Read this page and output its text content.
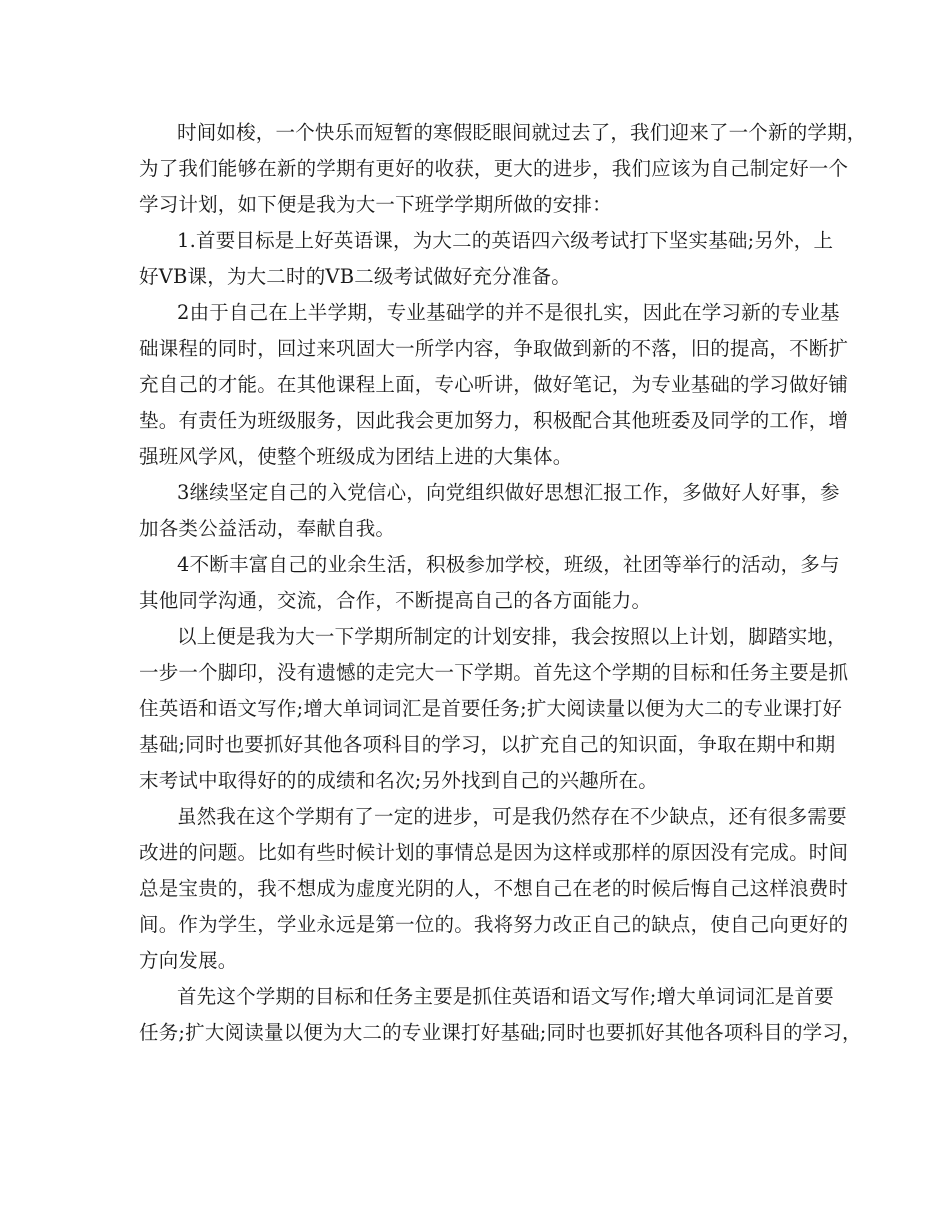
时间如梭，一个快乐而短暂的寒假眨眼间就过去了，我们迎来了一个新的学期，
为了我们能够在新的学期有更好的收获，更大的进步，我们应该为自己制定好一个
学习计划，如下便是我为大一下班学学期所做的安排：
1.首要目标是上好英语课，为大二的英语四六级考试打下坚实基础;另外，上
好VB课，为大二时的VB二级考试做好充分准备。
2由于自己在上半学期，专业基础学的并不是很扎实，因此在学习新的专业基
础课程的同时，回过来巩固大一所学内容，争取做到新的不落，旧的提高，不断扩
充自己的才能。在其他课程上面，专心听讲，做好笔记，为专业基础的学习做好铺
垫。有责任为班级服务，因此我会更加努力，积极配合其他班委及同学的工作，增
强班风学风，使整个班级成为团结上进的大集体。
3继续坚定自己的入党信心，向党组织做好思想汇报工作，多做好人好事，参
加各类公益活动，奉献自我。
4不断丰富自己的业余生活，积极参加学校，班级，社团等举行的活动，多与
其他同学沟通，交流，合作，不断提高自己的各方面能力。
以上便是我为大一下学期所制定的计划安排，我会按照以上计划，脚踏实地，
一步一个脚印，没有遗憾的走完大一下学期。首先这个学期的目标和任务主要是抓
住英语和语文写作;增大单词词汇是首要任务;扩大阅读量以便为大二的专业课打好
基础;同时也要抓好其他各项科目的学习，以扩充自己的知识面，争取在期中和期
末考试中取得好的的成绩和名次;另外找到自己的兴趣所在。
虽然我在这个学期有了一定的进步，可是我仍然存在不少缺点，还有很多需要
改进的问题。比如有些时候计划的事情总是因为这样或那样的原因没有完成。时间
总是宝贵的，我不想成为虚度光阴的人，不想自己在老的时候后悔自己这样浪费时
间。作为学生，学业永远是第一位的。我将努力改正自己的缺点，使自己向更好的
方向发展。
首先这个学期的目标和任务主要是抓住英语和语文写作;增大单词词汇是首要
任务;扩大阅读量以便为大二的专业课打好基础;同时也要抓好其他各项科目的学习，
